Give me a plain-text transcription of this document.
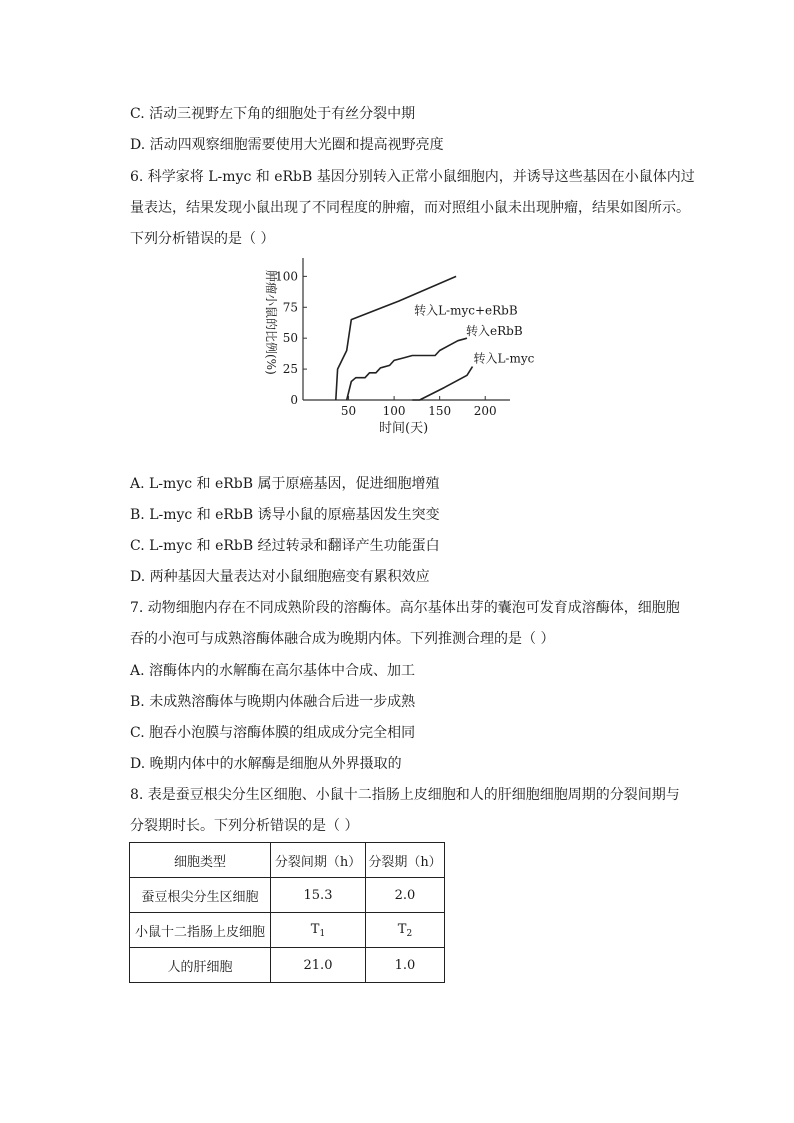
C. 活动三视野左下角的细胞处于有丝分裂中期
D. 活动四观察细胞需要使用大光圈和提高视野亮度
6. 科学家将 L-myc 和 eRbB 基因分别转入正常小鼠细胞内，并诱导这些基因在小鼠体内过
量表达，结果发现小鼠出现了不同程度的肿瘤，而对照组小鼠未出现肿瘤，结果如图所示。
下列分析错误的是（ ）
0
25
50
75
100
50 100 150 200
转入L-myc+eRbB
转入eRbB
转入L-myc
肿瘤小鼠的比例(%)
时间(天)
A. L-myc 和 eRbB 属于原癌基因，促进细胞增殖
B. L-myc 和 eRbB 诱导小鼠的原癌基因发生突变
C. L-myc 和 eRbB 经过转录和翻译产生功能蛋白
D. 两种基因大量表达对小鼠细胞癌变有累积效应
7. 动物细胞内存在不同成熟阶段的溶酶体。高尔基体出芽的囊泡可发育成溶酶体，细胞胞
吞的小泡可与成熟溶酶体融合成为晚期内体。下列推测合理的是（ ）
A. 溶酶体内的水解酶在高尔基体中合成、加工
B. 未成熟溶酶体与晚期内体融合后进一步成熟
C. 胞吞小泡膜与溶酶体膜的组成成分完全相同
D. 晚期内体中的水解酶是细胞从外界摄取的
8. 表是蚕豆根尖分生区细胞、小鼠十二指肠上皮细胞和人的肝细胞细胞周期的分裂间期与
分裂期时长。下列分析错误的是（ ）
细胞类型	分裂间期（h）	分裂期（h）
蚕豆根尖分生区细胞	15.3	2.0
小鼠十二指肠上皮细胞	$T_1$	$T_2$
人的肝细胞	21.0	1.0
